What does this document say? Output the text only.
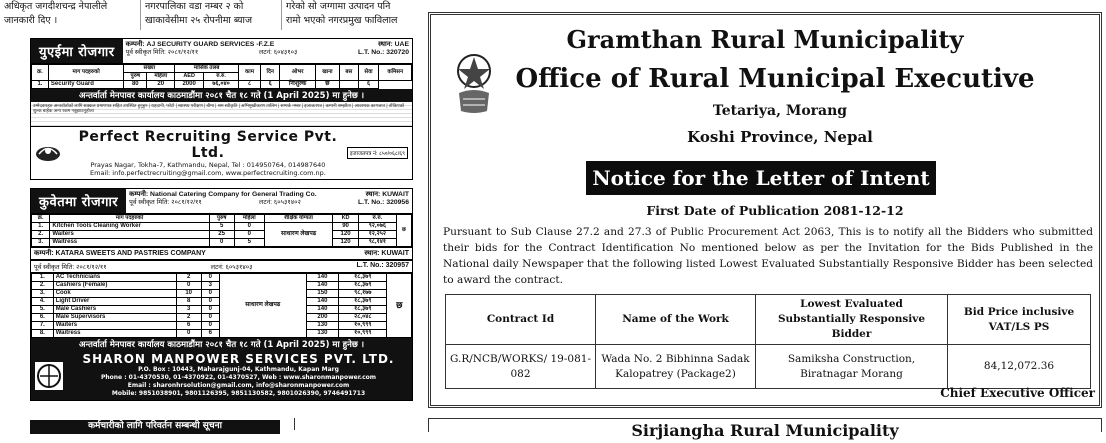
अधिकृत जगदीशचन्द्र नेपालीले
जानकारी दिए ।
नगरपालिका वडा नम्बर २ को
खाकावेसीमा २५ रोपनीमा ब्याज
गरेको सो जग्गामा उत्पादन पनि
रामो भएको नगरप्रमुख फाविलाल
युएईमा रोजगार
कम्पनी: AJ SECURITY GUARD SERVICES -F.Z.E	स्थान: UAE
पूर्व स्वीकृत मिति: २०८१/१२/११	लटनं: ६०४३१०३	L.T. No.: 320720
क्र.	माग पदहरुको	संख्या		मासिक तलब		काम	दिन	ओभर	खाना	बस	सेवा	कमिसन
		पुरुष	महिला	AED	रु.रु.							
1.	Security Guard	80	20	2000	७६,०४०	८	६	निःशुल्क	छ		६	
अन्तर्वार्ता मेनपावर कार्यालय काठमाडौंमा २०८१ चैत १८ गते (1 April 2025) मा हुनेछ ।
उम्मेदवारहरु अन्तर्वार्ताको लागि सक्कल प्रमाणपत्र सहित उपस्थित हुनुहुन | राहदानी, फोटो | स्वास्थ्य परीक्षण | बीमा | श्रम स्वीकृति | अभिमुखीकरण तालिम | सम्पर्क नम्बर | इजाजतपत्र | कम्पनी सम्झौता | आवश्यक कागजात | तोकिएको शुल्क बाहेक अन्य रकम नबुझाउनुहोला
Perfect Recruiting Service Pvt. Ltd.
Prayas Nagar, Tokha-7, Kathmandu, Nepal, Tel : 014950764, 014987640
Email: info.perfectrecruiting@gmail.com, www.perfectrecruiting.com.np.
इजाजतपत्र नं: ८५०/०६८/६९
कुवेतमा रोजगार
कम्पनी: National Catering Company for General Trading Co.	स्थान: KUWAIT
पूर्व स्वीकृत मिति: २०८१/१२/११	लटनं: ६०५३१४०२	L.T. No.: 320956
क्र.	माग पदहरुको	पुरुष	महिला	शैक्षिक योग्यता	KD	रु.रु.	छ
1.	Kitchen Tools Cleaning Worker	5	0	साधारण लेखपढ	90	९२,०७६	
2.	Waiters	25	0		120	१२,२५२	
3.	Waitress	0	5		120	९८,१४१	
कम्पनी: KATARA SWEETS AND PASTRIES COMPANY	स्थान: KUWAIT
पूर्व स्वीकृत मिति: २०८१/१२/११	लटनं: ६०५३१४०३	L.T. No.: 320957
1.	AC Technicians	2	0	साधारण लेखपढ	140	१८,३७९	छ
2.	Cashiers (Female)	0	3		140	१८,३७९	
3.	Cook	10	0		150	९८,१७७	
4.	Light Driver	8	0		140	१८,३७९	
5.	Male Cashiers	3	0		140	१८,३७९	
6.	Male Supervisors	2	0		200	२८,०४८	
7.	Waiters	6	0		130	१०,९९९	
8.	Waitress	0	6		130	१०,९९९	
अन्तर्वार्ता मेनपावर कार्यालय काठमाडौंमा २०८१ चैत १८ गते (1 April 2025) मा हुनेछ ।
SHARON MANPOWER SERVICES PVT. LTD.
P.O. Box : 10443, Maharajgunj-04, Kathmandu, Kapan Marg
Phone : 01-4370530, 01-4370922, 01-4370527, Web : www.sharonmanpower.com
Email : sharonhrsolution@gmail.com, info@sharonmanpower.com
Mobile: 9851038901, 9801126395, 9851130582, 9801026390, 9746491713
कर्मचारीको लागि परिवर्तन सम्बन्धी सूचना
Gramthan Rural Municipality
Office of Rural Municipal Executive
Tetariya, Morang
Koshi Province, Nepal
Notice for the Letter of Intent
First Date of Publication 2081-12-12
Pursuant to Sub Clause 27.2 and 27.3 of Public Procurement Act 2063, This is to notify all the Bidders who submitted their bids for the Contract Identification No mentioned below as per the Invitation for the Bids Published in the National daily Newspaper that the following listed Lowest Evaluated Substantially Responsive Bidder has been selected to award the contract.
Contract Id	Name of the Work	Lowest Evaluated Substantially Responsive Bidder	Bid Price inclusive VAT/LS PS
G.R/NCB/WORKS/ 19-081-082	Wada No. 2 Bibhinna Sadak Kalopatrey (Package2)	Samiksha Construction, Biratnagar Morang	84,12,072.36
Chief Executive Officer
Sirjiangha Rural Municipality
